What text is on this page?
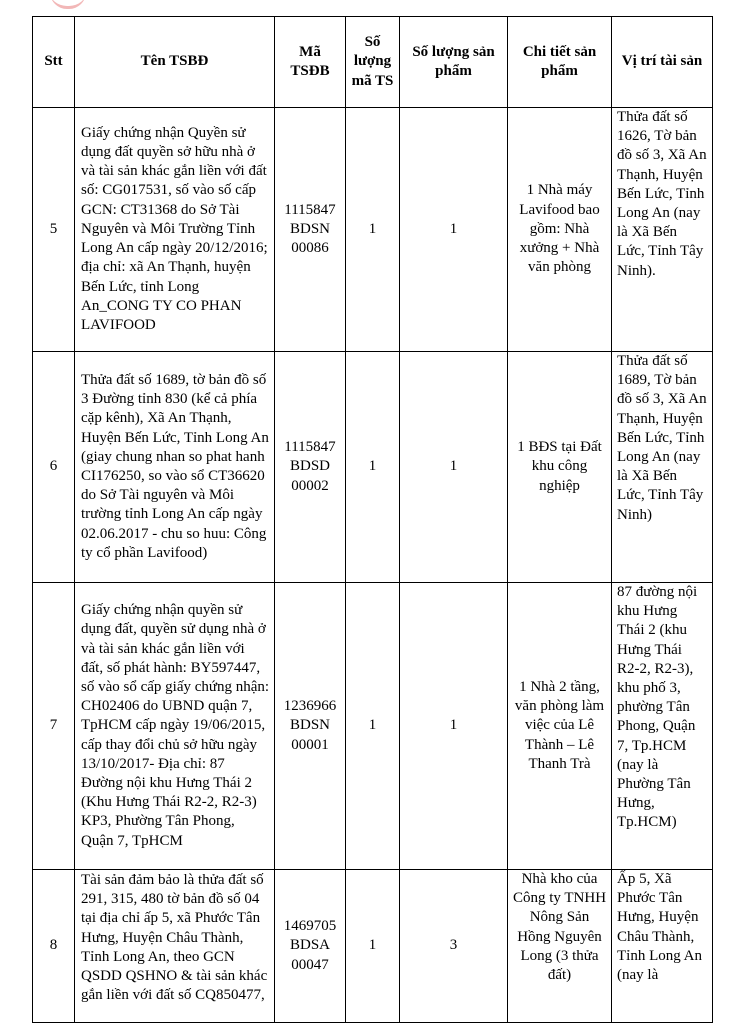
Stt	Tên TSBĐ	Mã TSĐB	Số lượng mã TS	Số lượng sản phẩm	Chi tiết sản phẩm	Vị trí tài sản
5	Giấy chứng nhận Quyền sử dụng đất quyền sở hữu nhà ở và tài sản khác gắn liền với đất số: CG017531, số vào số cấp GCN: CT31368 do Sở Tài Nguyên và Môi Trường Tỉnh Long An cấp ngày 20/12/2016; địa chỉ: xã An Thạnh, huyện Bến Lức, tỉnh Long An_CONG TY CO PHAN LAVIFOOD	1115847 BDSN 00086	1	1	1 Nhà máy Lavifood bao gồm: Nhà xưởng + Nhà văn phòng	Thửa đất số 1626, Tờ bản đồ số 3, Xã An Thạnh, Huyện Bến Lức, Tỉnh Long An (nay là Xã Bến Lức, Tỉnh Tây Ninh).
6	Thửa đất số 1689, tờ bản đồ số 3 Đường tỉnh 830 (kể cả phía cặp kênh), Xã An Thạnh, Huyện Bến Lức, Tỉnh Long An (giay chung nhan so phat hanh CI176250, so vào sổ CT36620 do Sở Tài nguyên và Môi trường tỉnh Long An cấp ngày 02.06.2017 - chu so huu: Công ty cổ phần Lavifood)	1115847 BDSD 00002	1	1	1 BĐS tại Đất khu công nghiệp	Thửa đất số 1689, Tờ bản đồ số 3, Xã An Thạnh, Huyện Bến Lức, Tỉnh Long An (nay là Xã Bến Lức, Tỉnh Tây Ninh)
7	Giấy chứng nhận quyền sử dụng đất, quyền sử dụng nhà ở và tài sản khác gắn liền với đất, số phát hành: BY597447, số vào sổ cấp giấy chứng nhận: CH02406 do UBND quận 7, TpHCM cấp ngày 19/06/2015, cấp thay đổi chủ sở hữu ngày 13/10/2017- Địa chỉ: 87 Đường nội khu Hưng Thái 2 (Khu Hưng Thái R2-2, R2-3) KP3, Phường Tân Phong, Quận 7, TpHCM	1236966 BDSN 00001	1	1	1 Nhà 2 tầng, văn phòng làm việc của Lê Thành – Lê Thanh Trà	87 đường nội khu Hưng Thái 2 (khu Hưng Thái R2-2, R2-3), khu phố 3, phường Tân Phong, Quận 7, Tp.HCM (nay là Phường Tân Hưng, Tp.HCM)
8	Tài sản đảm bảo là thửa đất số 291, 315, 480 tờ bản đồ số 04 tại địa chỉ ấp 5, xã Phước Tân Hưng, Huyện Châu Thành, Tỉnh Long An, theo GCN QSDD QSHNO & tài sản khác gắn liền với đất số CQ850477,	1469705 BDSA 00047	1	3	Nhà kho của Công ty TNHH Nông Sản Hồng Nguyên Long (3 thửa đất)	Ấp 5, Xã Phước Tân Hưng, Huyện Châu Thành, Tỉnh Long An (nay là
